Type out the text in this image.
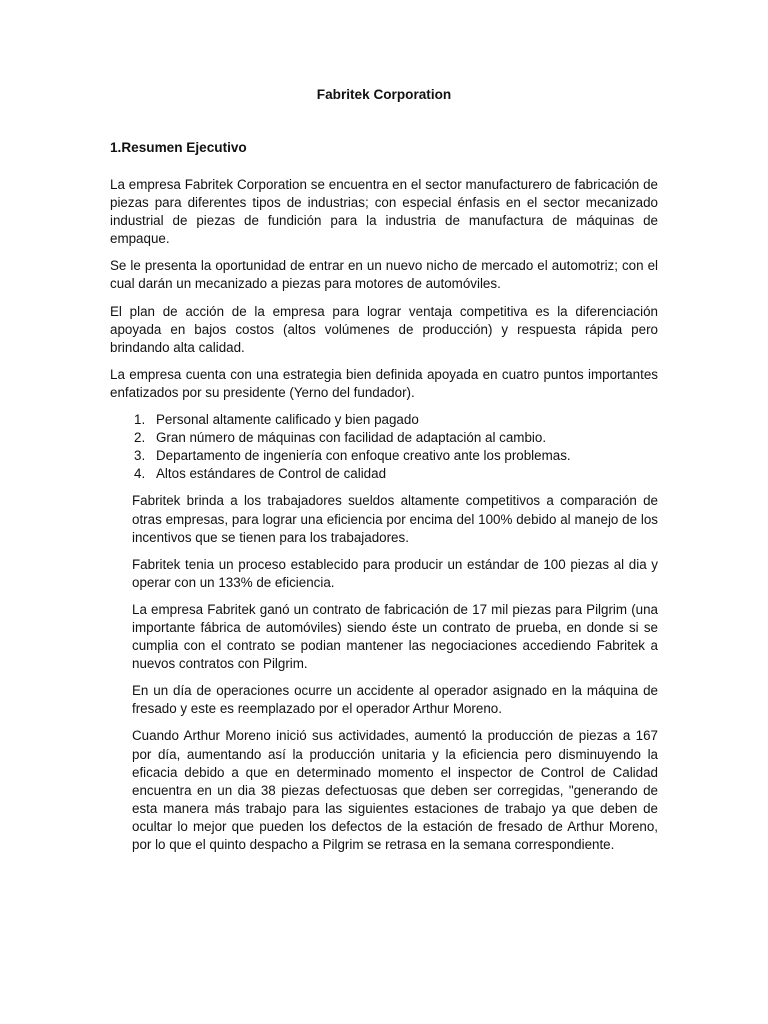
Fabritek Corporation
1.Resumen Ejecutivo

La empresa Fabritek Corporation se encuentra en el sector manufacturero de fabricación de piezas para diferentes tipos de industrias; con especial énfasis en el sector mecanizado industrial de piezas de fundición para la industria de manufactura de máquinas de empaque.

Se le presenta la oportunidad de entrar en un nuevo nicho de mercado el automotriz; con el cual darán un mecanizado a piezas para motores de automóviles.

El plan de acción de la empresa para lograr ventaja competitiva es la diferenciación apoyada en bajos costos (altos volúmenes de producción) y respuesta rápida pero brindando alta calidad.

La empresa cuenta con una estrategia bien definida apoyada en cuatro puntos importantes enfatizados por su presidente (Yerno del fundador).

1. Personal altamente calificado y bien pagado
2. Gran número de máquinas con facilidad de adaptación al cambio.
3. Departamento de ingeniería con enfoque creativo ante los problemas.
4. Altos estándares de Control de calidad

Fabritek brinda a los trabajadores sueldos altamente competitivos a comparación de otras empresas, para lograr una eficiencia por encima del 100% debido al manejo de los incentivos que se tienen para los trabajadores.

Fabritek tenia un proceso establecido para producir un estándar de 100 piezas al dia y operar con un 133% de eficiencia.

La empresa Fabritek ganó un contrato de fabricación de 17 mil piezas para Pilgrim (una importante fábrica de automóviles) siendo éste un contrato de prueba, en donde si se cumplia con el contrato se podian mantener las negociaciones accediendo Fabritek a nuevos contratos con Pilgrim.

En un día de operaciones ocurre un accidente al operador asignado en la máquina de fresado y este es reemplazado por el operador Arthur Moreno.

Cuando Arthur Moreno inició sus actividades, aumentó la producción de piezas a 167 por día, aumentando así la producción unitaria y la eficiencia pero disminuyendo la eficacia debido a que en determinado momento el inspector de Control de Calidad encuentra en un dia 38 piezas defectuosas que deben ser corregidas, "generando de esta manera más trabajo para las siguientes estaciones de trabajo ya que deben de ocultar lo mejor que pueden los defectos de la estación de fresado de Arthur Moreno, por lo que el quinto despacho a Pilgrim se retrasa en la semana correspondiente.
